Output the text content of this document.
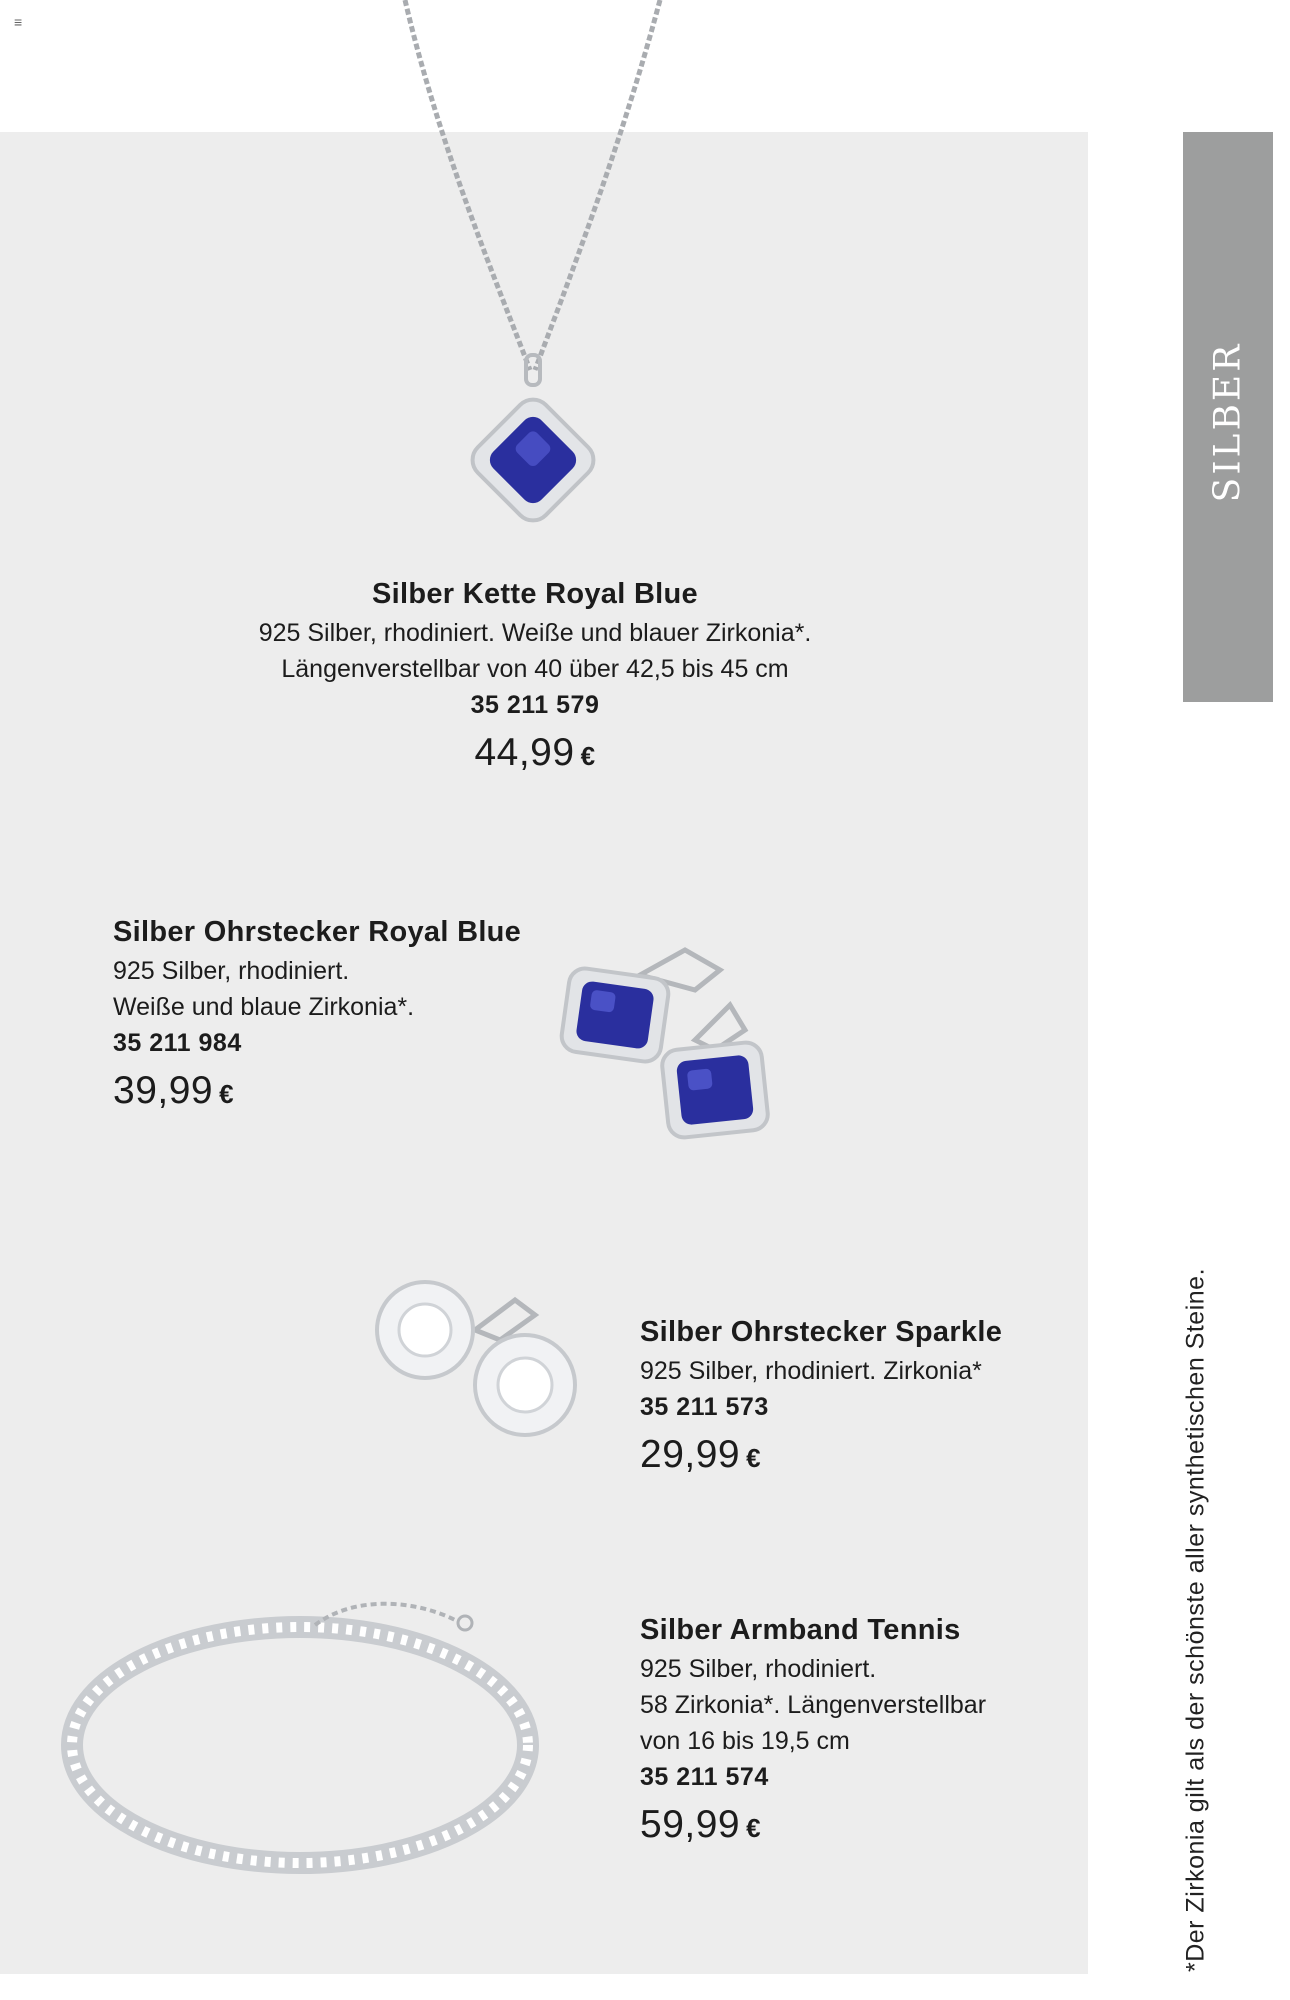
≡
SILBER
*Der Zirkonia gilt als der schönste aller synthetischen Steine.
Silber Kette Royal Blue
925 Silber, rhodiniert. Weiße und blauer Zirkonia*.
Längenverstellbar von 40 über 42,5 bis 45 cm
35 211 579
44,99 €
Silber Ohrstecker Royal Blue
925 Silber, rhodiniert.
Weiße und blaue Zirkonia*.
35 211 984
39,99 €
Silber Ohrstecker Sparkle
925 Silber, rhodiniert. Zirkonia*
35 211 573
29,99 €
Silber Armband Tennis
925 Silber, rhodiniert.
58 Zirkonia*. Längenverstellbar
von 16 bis 19,5 cm
35 211 574
59,99 €
